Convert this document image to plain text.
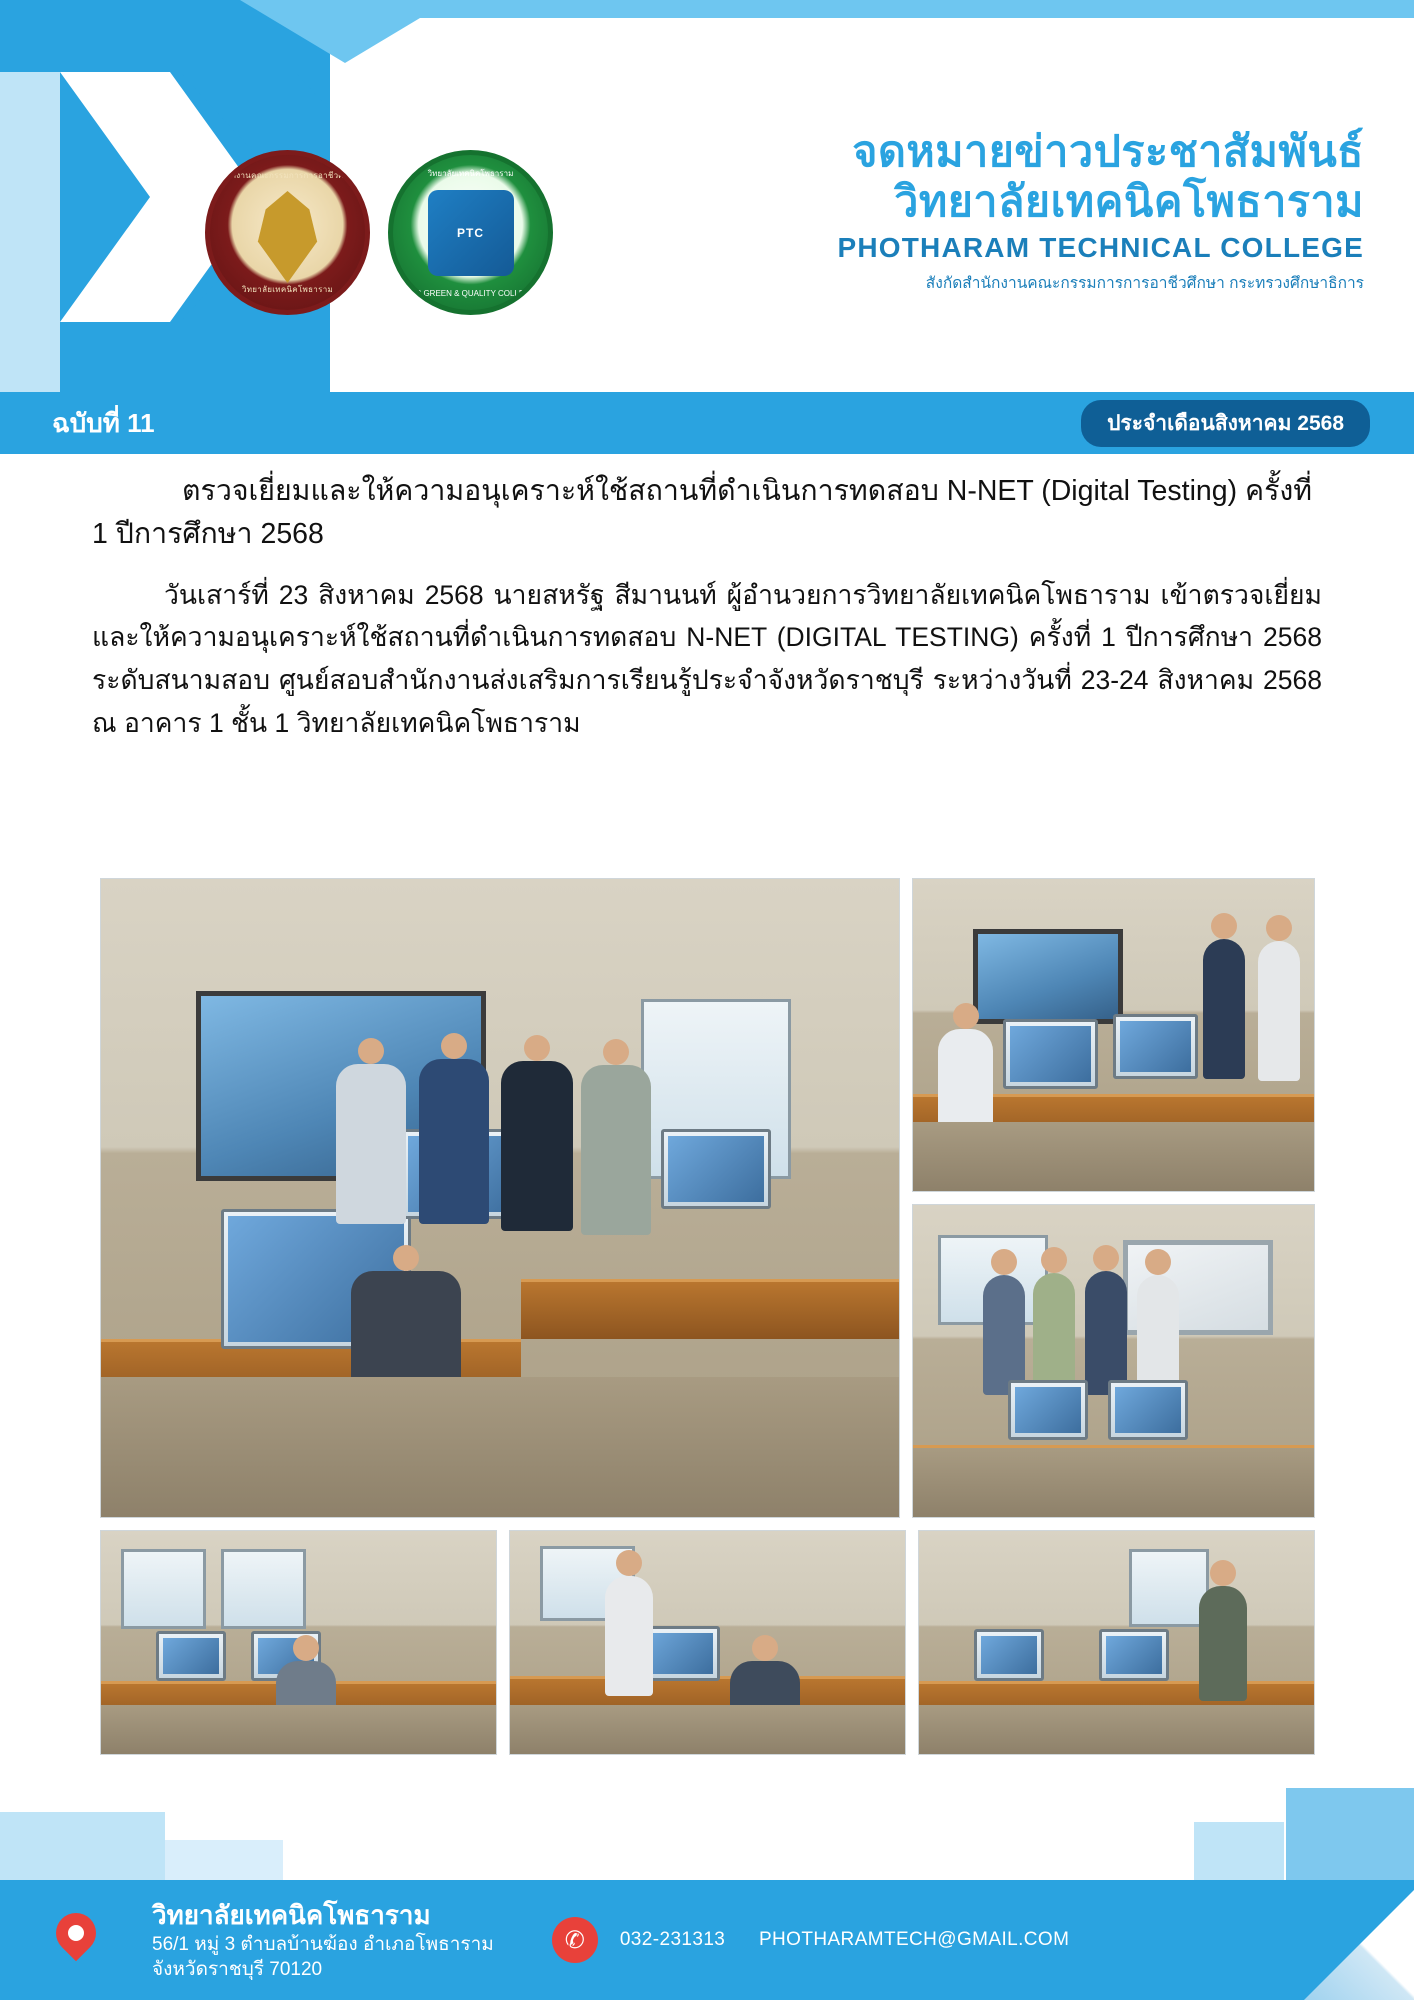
สำนักงานคณะกรรมการการอาชีวศึกษา
วิทยาลัยเทคนิคโพธาราม
วิทยาลัยเทคนิคโพธาราม
PTC
PTC GREEN & QUALITY COLLEGE
จดหมายข่าวประชาสัมพันธ์
วิทยาลัยเทคนิคโพธาราม
PHOTHARAM TECHNICAL COLLEGE
สังกัดสำนักงานคณะกรรมการการอาชีวศึกษา กระทรวงศึกษาธิการ
ฉบับที่ 11	ประจำเดือนสิงหาคม 2568
ตรวจเยี่ยมและให้ความอนุเคราะห์ใช้สถานที่ดำเนินการทดสอบ N-NET (Digital Testing) ครั้งที่ 1 ปีการศึกษา 2568
วันเสาร์ที่ 23 สิงหาคม 2568 นายสหรัฐ สีมานนท์ ผู้อำนวยการวิทยาลัยเทคนิคโพธาราม เข้าตรวจเยี่ยมและให้ความอนุเคราะห์ใช้สถานที่ดำเนินการทดสอบ N-NET (DIGITAL TESTING) ครั้งที่ 1 ปีการศึกษา 2568 ระดับสนามสอบ ศูนย์สอบสำนักงานส่งเสริมการเรียนรู้ประจำจังหวัดราชบุรี ระหว่างวันที่ 23-24 สิงหาคม 2568 ณ อาคาร 1 ชั้น 1 วิทยาลัยเทคนิคโพธาราม
วิทยาลัยเทคนิคโพธาราม
56/1 หมู่ 3 ตำบลบ้านฆ้อง อำเภอโพธาราม
จังหวัดราชบุรี 70120
✆	032-231313 PHOTHARAMTECH@GMAIL.COM
